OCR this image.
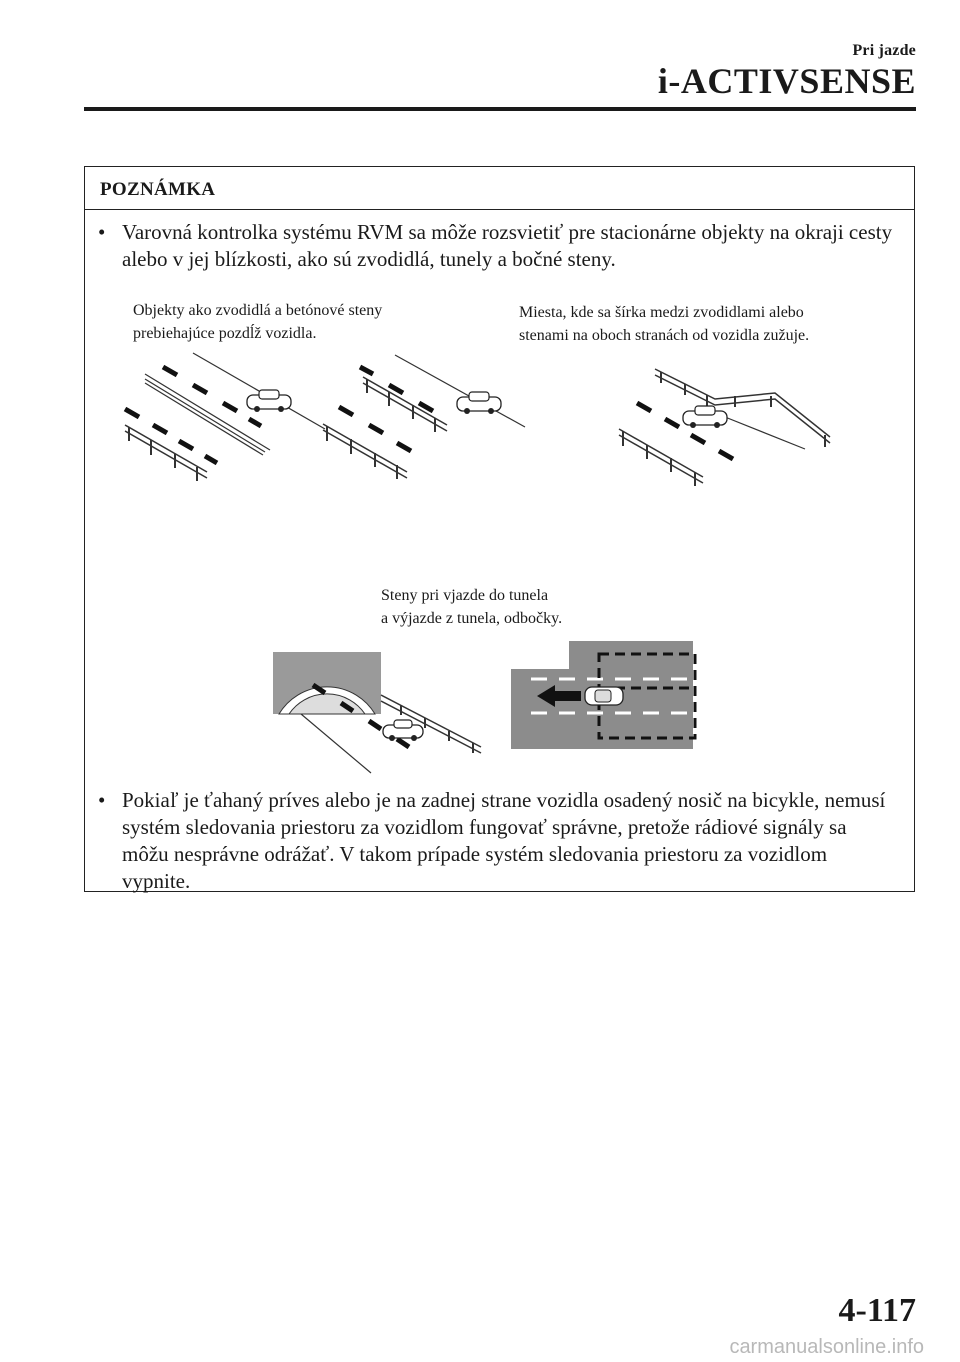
Pri jazde
i-ACTIVSENSE
POZNÁMKA
• Varovná kontrolka systému RVM sa môže rozsvietiť pre stacionárne objekty na okraji cesty alebo v jej blízkosti, ako sú zvodidlá, tunely a bočné steny.
Objekty ako zvodidlá a betónové steny
prebiehajúce pozdĺž vozidla.
Miesta, kde sa šírka medzi zvodidlami alebo
stenami na oboch stranách od vozidla zužuje.
Steny pri vjazde do tunela
a výjazde z tunela, odbočky.
• Pokiaľ je ťahaný príves alebo je na zadnej strane vozidla osadený nosič na bicykle, nemusí systém sledovania priestoru za vozidlom fungovať správne, pretože rádiové signály sa môžu nesprávne odrážať. V takom prípade systém sledovania priestoru za vozidlom vypnite.
4-117
carmanualsonline.info
